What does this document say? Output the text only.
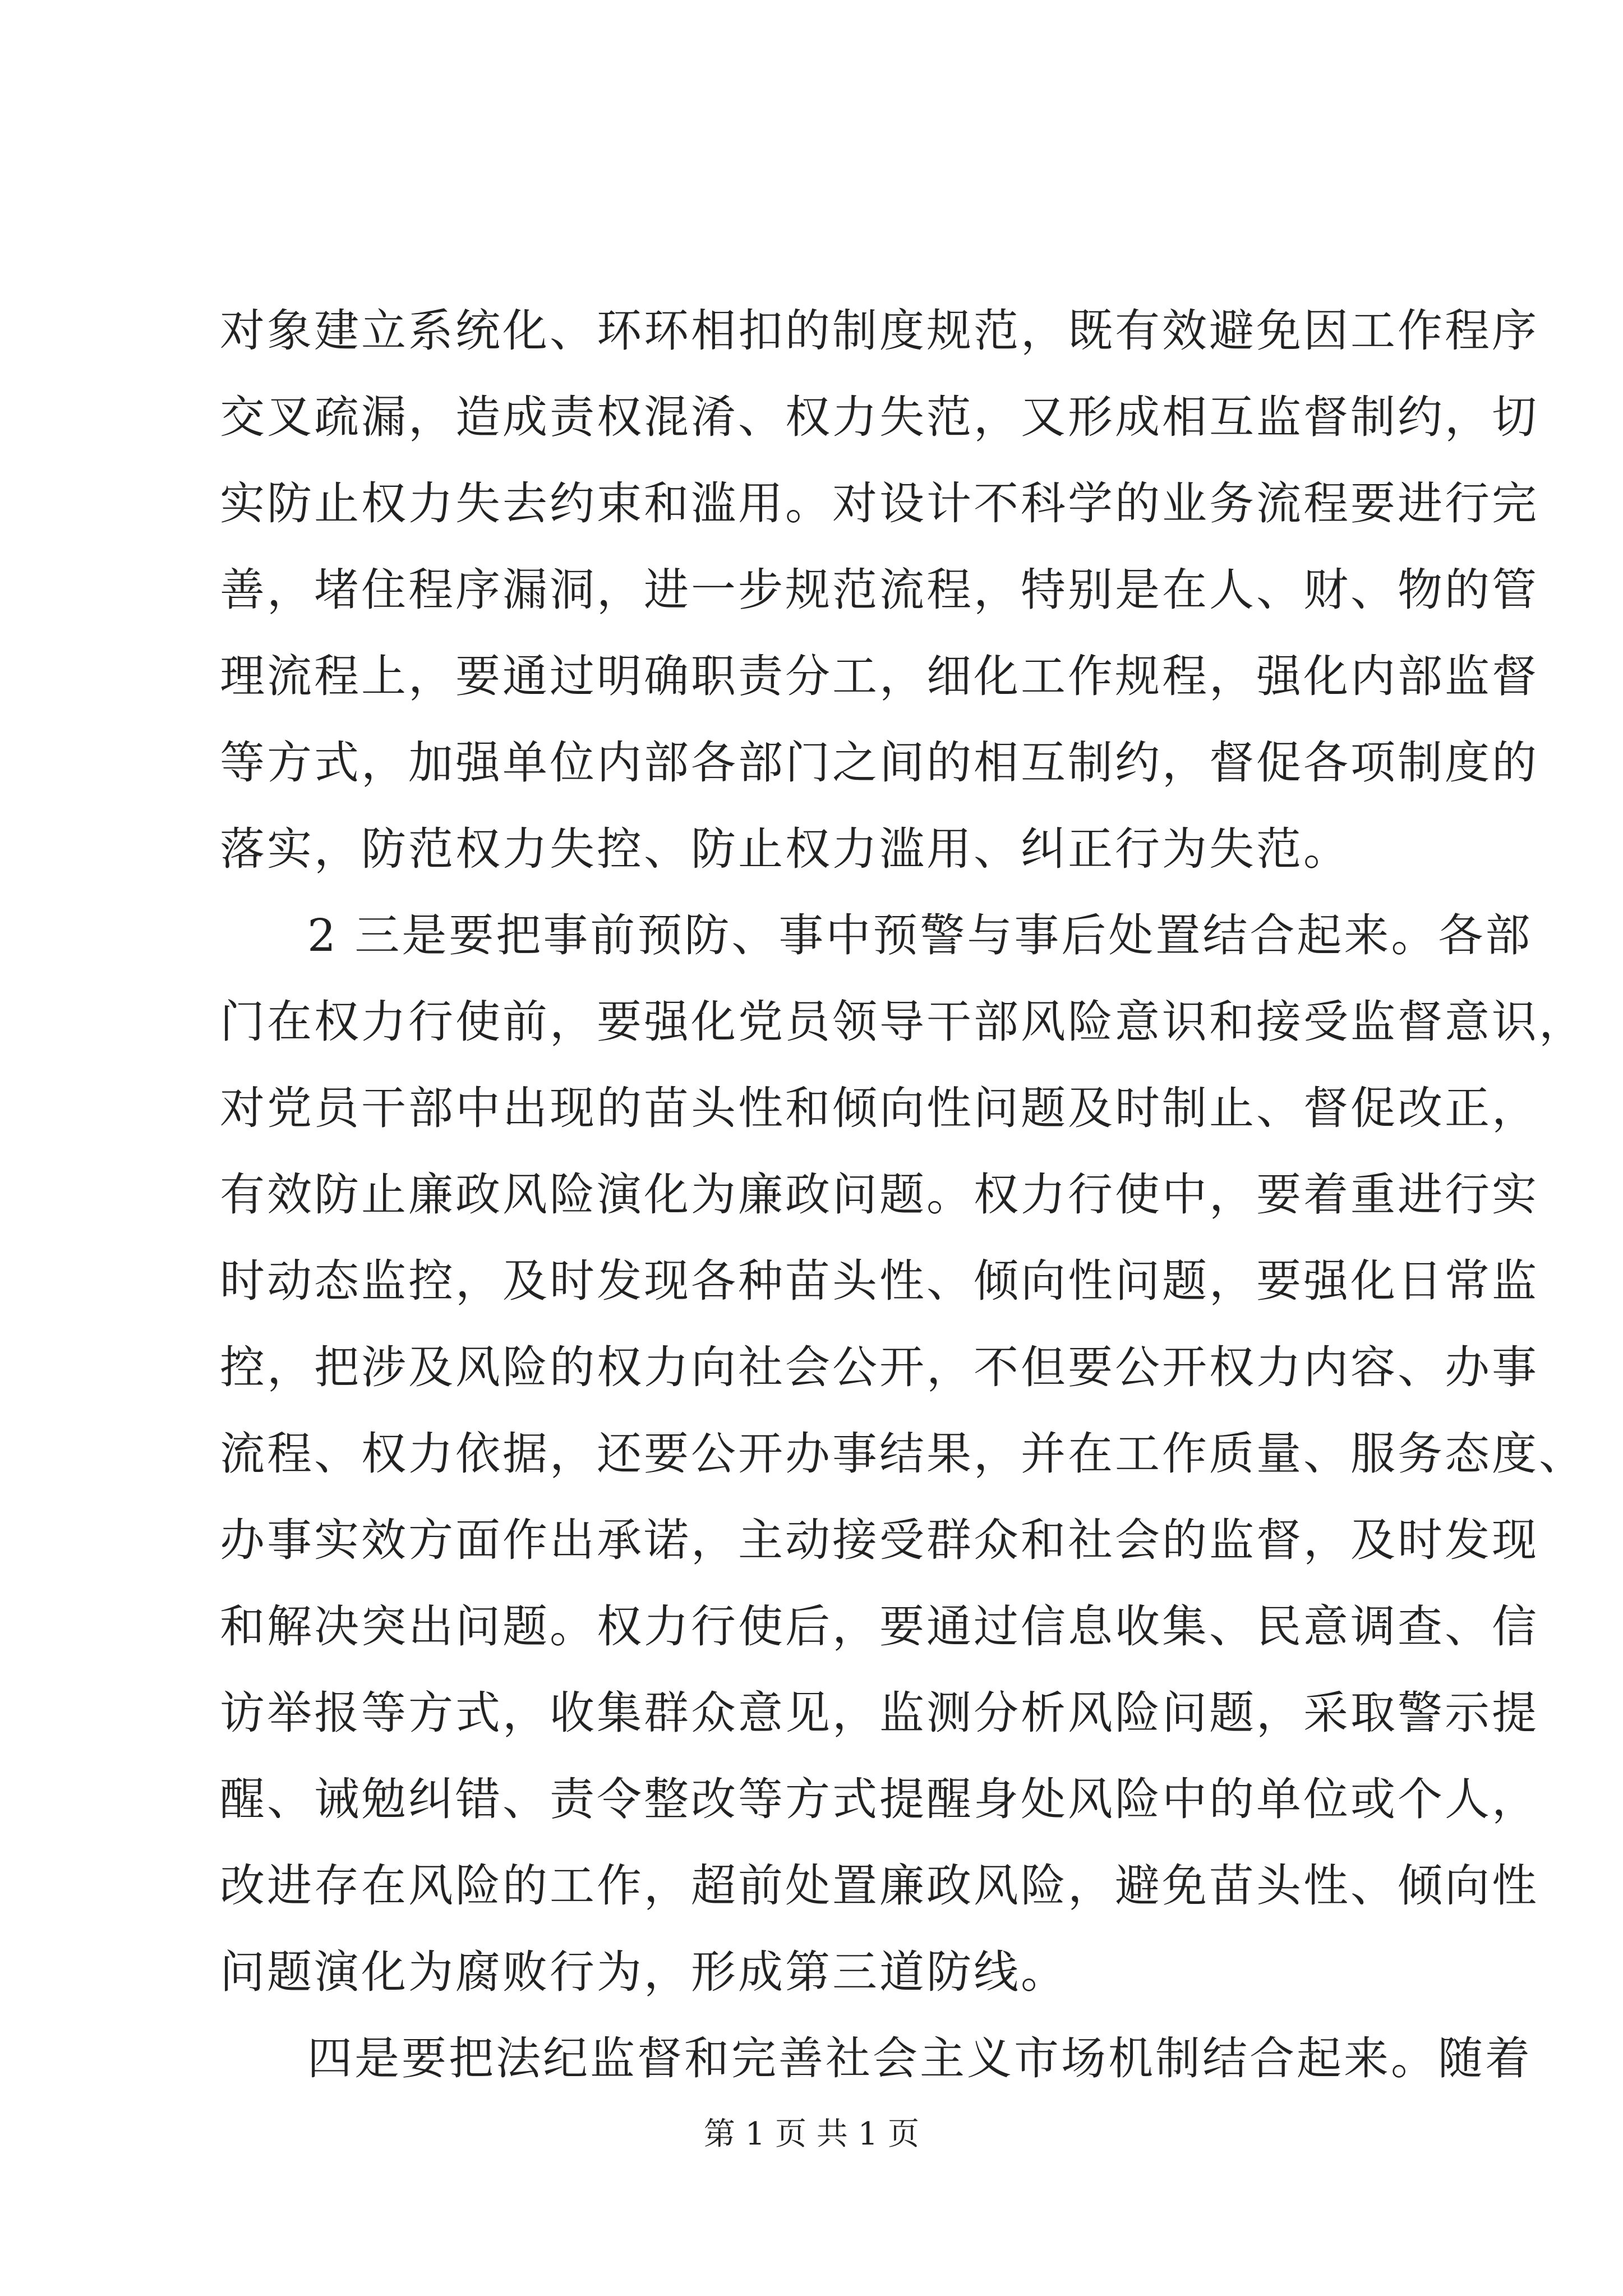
对象建立系统化、环环相扣的制度规范，既有效避免因工作程序
交叉疏漏，造成责权混淆、权力失范，又形成相互监督制约，切
实防止权力失去约束和滥用。对设计不科学的业务流程要进行完
善，堵住程序漏洞，进一步规范流程，特别是在人、财、物的管
理流程上，要通过明确职责分工，细化工作规程，强化内部监督
等方式，加强单位内部各部门之间的相互制约，督促各项制度的
落实，防范权力失控、防止权力滥用、纠正行为失范。
2 三是要把事前预防、事中预警与事后处置结合起来。各部
门在权力行使前，要强化党员领导干部风险意识和接受监督意识，
对党员干部中出现的苗头性和倾向性问题及时制止、督促改正，
有效防止廉政风险演化为廉政问题。权力行使中，要着重进行实
时动态监控，及时发现各种苗头性、倾向性问题，要强化日常监
控，把涉及风险的权力向社会公开，不但要公开权力内容、办事
流程、权力依据，还要公开办事结果，并在工作质量、服务态度、
办事实效方面作出承诺，主动接受群众和社会的监督，及时发现
和解决突出问题。权力行使后，要通过信息收集、民意调查、信
访举报等方式，收集群众意见，监测分析风险问题，采取警示提
醒、诫勉纠错、责令整改等方式提醒身处风险中的单位或个人，
改进存在风险的工作，超前处置廉政风险，避免苗头性、倾向性
问题演化为腐败行为，形成第三道防线。
四是要把法纪监督和完善社会主义市场机制结合起来。随着
第 1 页 共 1 页
